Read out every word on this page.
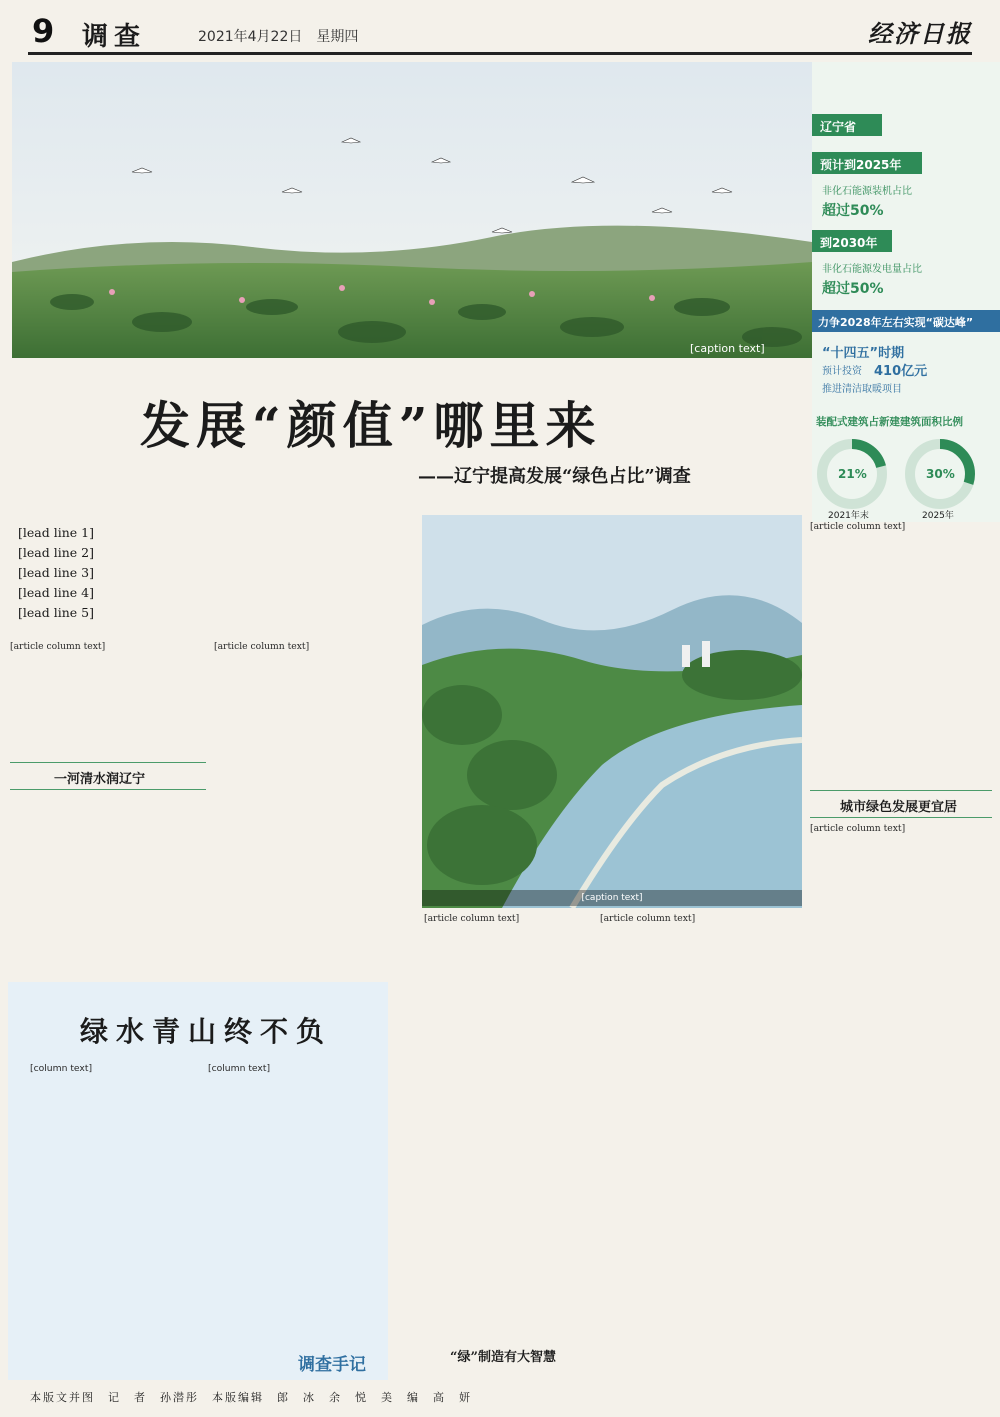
9 调查	2021年4月22日　星期四	经济日报
[caption text]
辽宁省
预计到2025年
非化石能源装机占比
超过50%
到2030年
非化石能源发电量占比
超过50%
力争2028年左右实现“碳达峰”
“十四五”时期
预计投资 410亿元
推进清洁取暖项目
装配式建筑占新建建筑面积比例
21%	30%
2021年末	2025年
发展“颜值”哪里来
——辽宁提高发展“绿色占比”调查
[lead line 1]
[lead line 2]
[lead line 3]
[lead line 4]
[lead line 5]
[article column text]
一河清水润辽宁
[article column text]
[caption text]
[article column text]	[article column text]
[article column text]
城市绿色发展更宜居
[article column text]
[column text]	[column text]
绿水青山终不负
调查手记	“绿”制造有大智慧
本版文并图　记　者　孙潜彤　本版编辑　郎　冰　余　悦　美　编　高　妍
